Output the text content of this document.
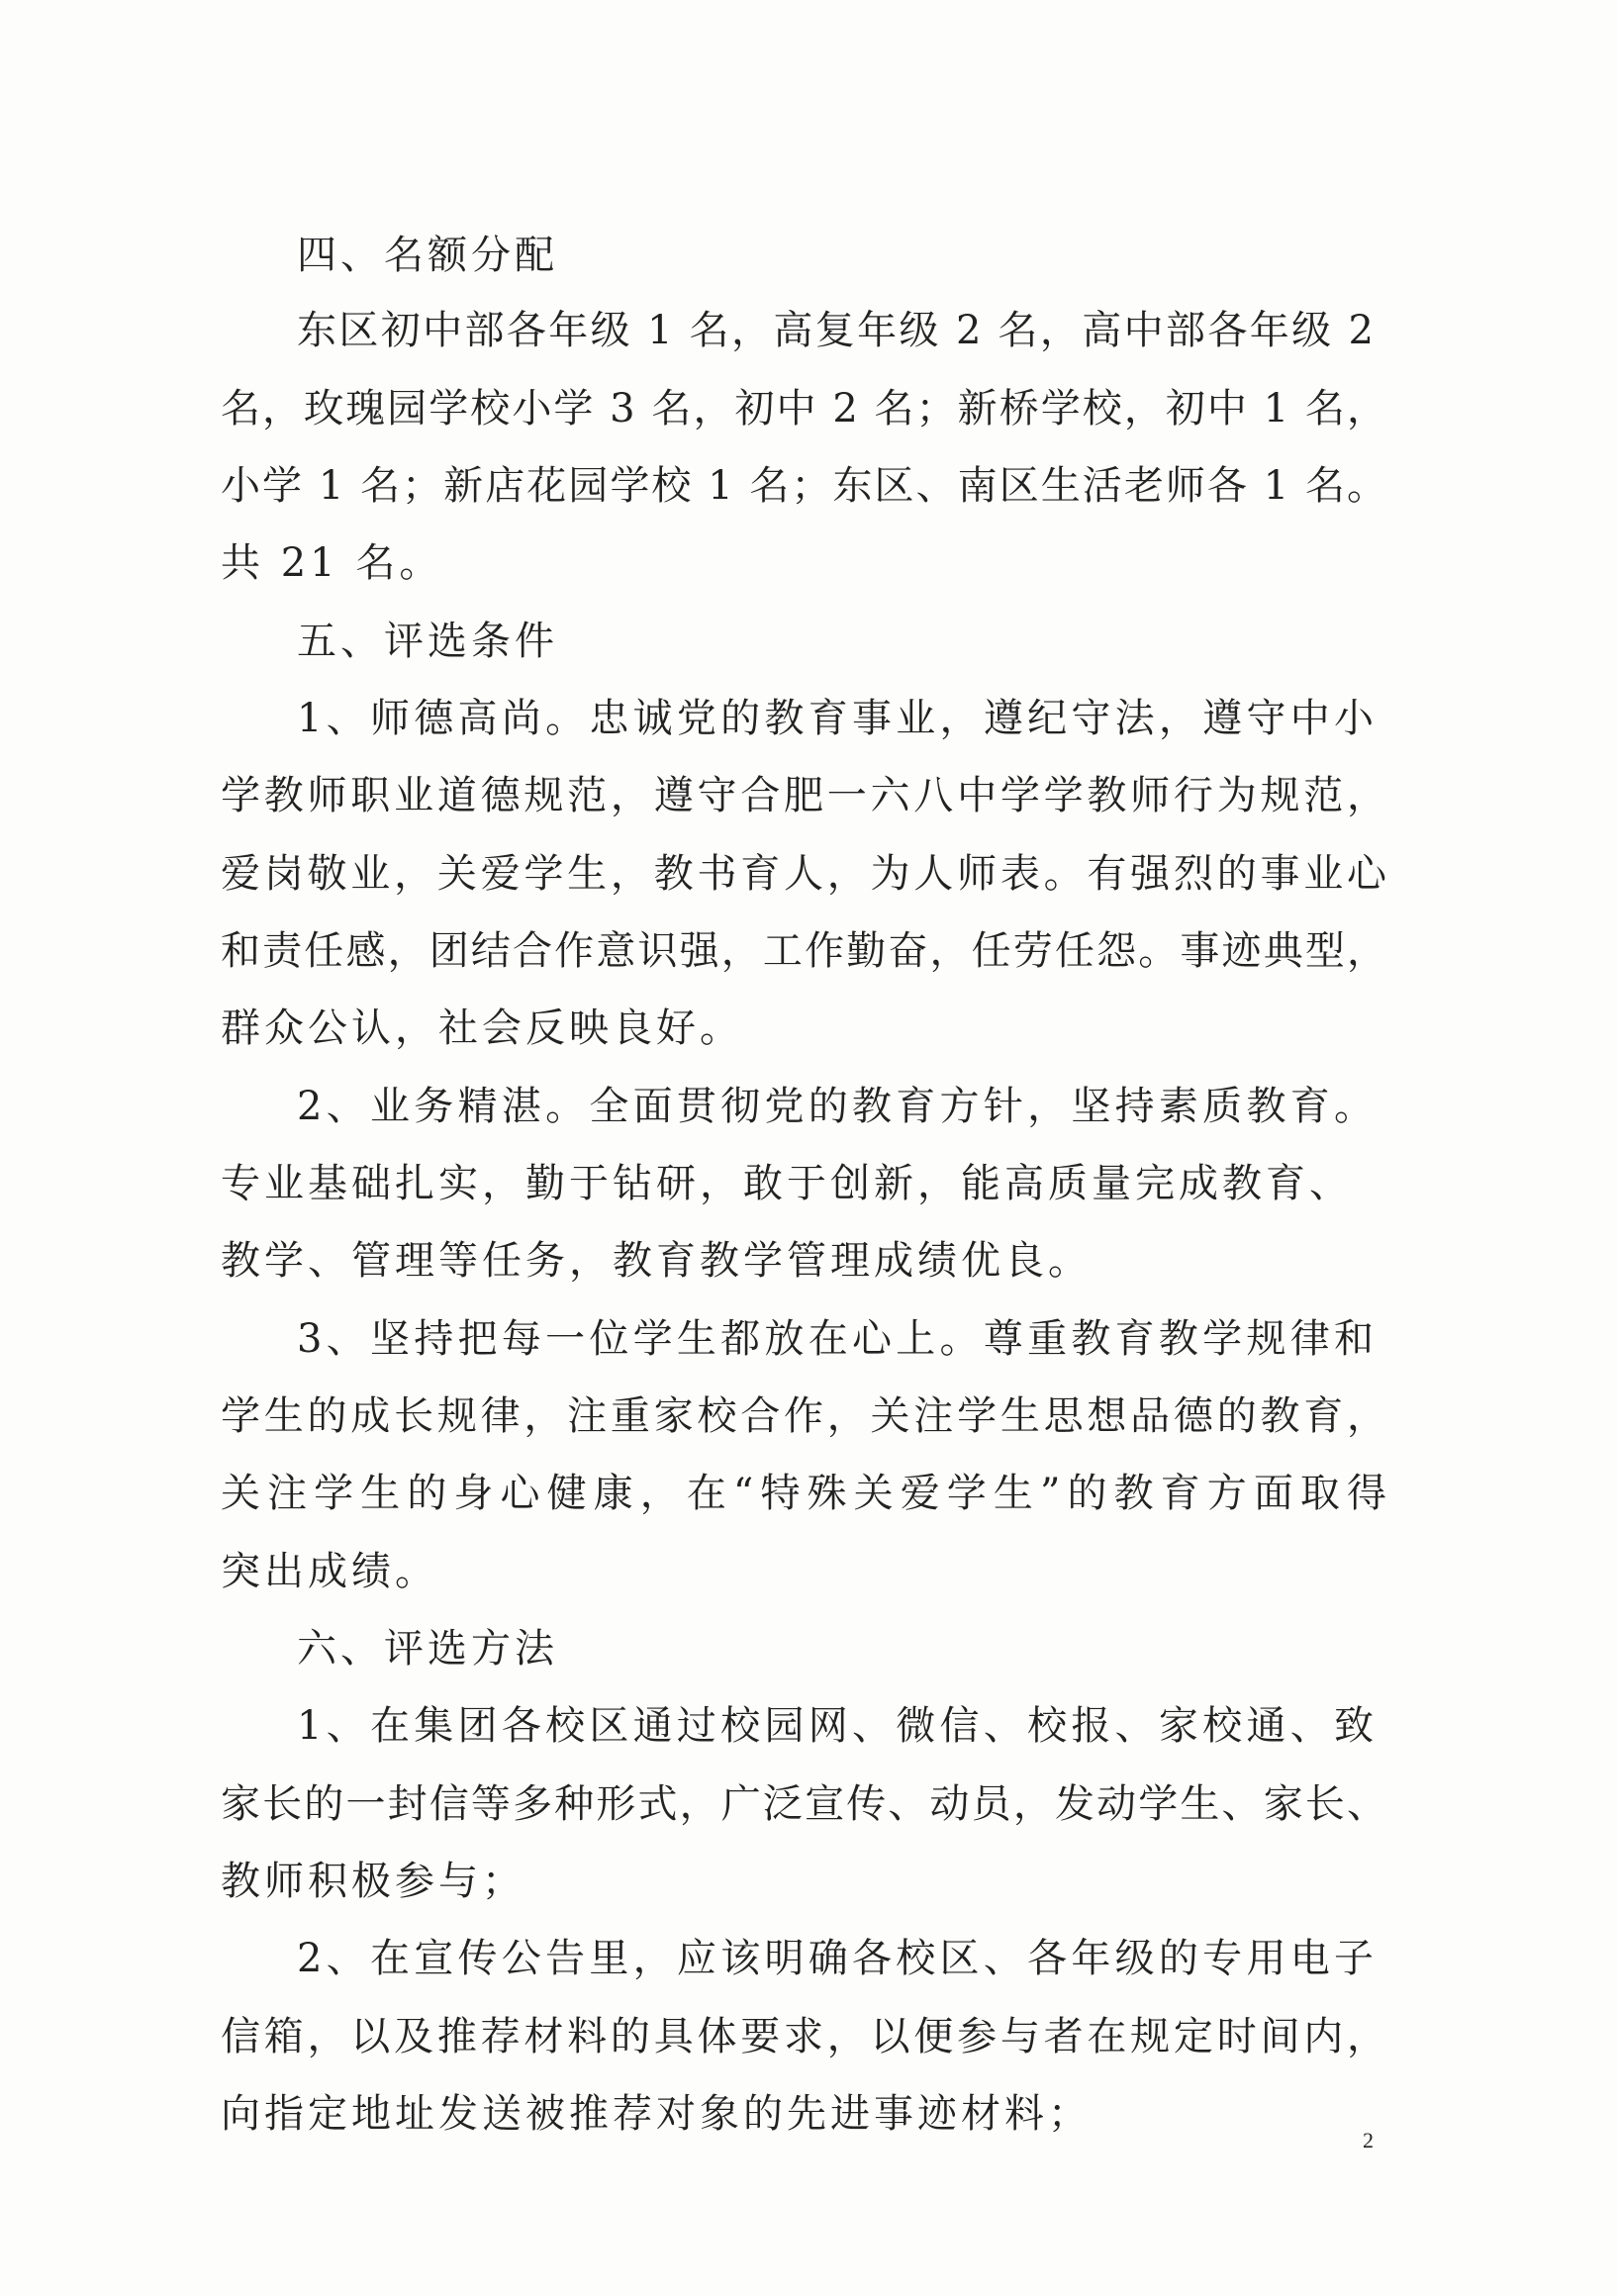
四、名额分配
东区初中部各年级 1 名，高复年级 2 名，高中部各年级 2
名，玫瑰园学校小学 3 名，初中 2 名；新桥学校，初中 1 名，
小学 1 名；新店花园学校 1 名；东区、南区生活老师各 1 名。
共 21 名。
五、评选条件
1、师德高尚。忠诚党的教育事业，遵纪守法，遵守中小
学教师职业道德规范，遵守合肥一六八中学学教师行为规范，
爱岗敬业，关爱学生，教书育人，为人师表。有强烈的事业心
和责任感，团结合作意识强，工作勤奋，任劳任怨。事迹典型，
群众公认，社会反映良好。
2、业务精湛。全面贯彻党的教育方针，坚持素质教育。
专业基础扎实，勤于钻研，敢于创新，能高质量完成教育、
教学、管理等任务，教育教学管理成绩优良。
3、坚持把每一位学生都放在心上。尊重教育教学规律和
学生的成长规律，注重家校合作，关注学生思想品德的教育，
关注学生的身心健康，在“特殊关爱学生”的教育方面取得
突出成绩。
六、评选方法
1、在集团各校区通过校园网、微信、校报、家校通、致
家长的一封信等多种形式，广泛宣传、动员，发动学生、家长、
教师积极参与；
2、在宣传公告里，应该明确各校区、各年级的专用电子
信箱，以及推荐材料的具体要求，以便参与者在规定时间内，
向指定地址发送被推荐对象的先进事迹材料；
2
